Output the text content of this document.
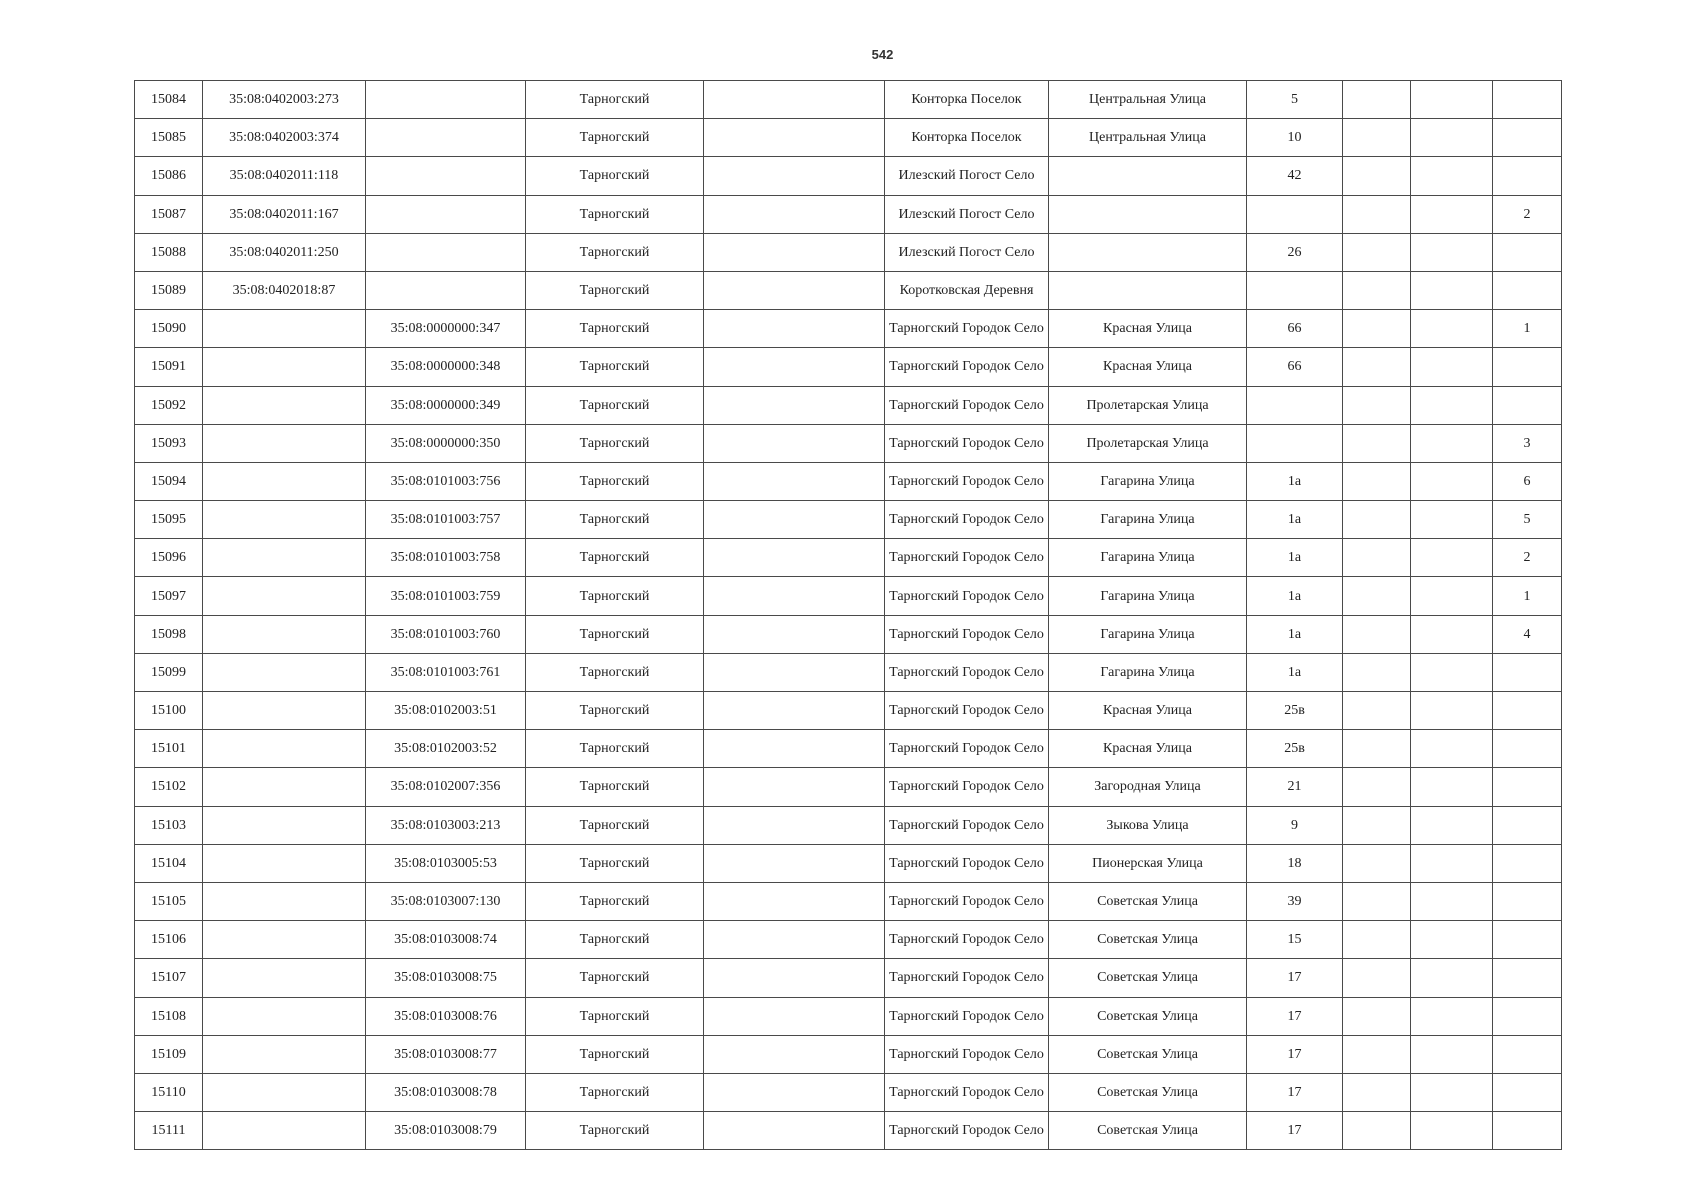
542
15084	35:08:0402003:273		Тарногский		Конторка Поселок	Центральная Улица	5			
15085	35:08:0402003:374		Тарногский		Конторка Поселок	Центральная Улица	10			
15086	35:08:0402011:118		Тарногский		Илезский Погост Село		42			
15087	35:08:0402011:167		Тарногский		Илезский Погост Село					2
15088	35:08:0402011:250		Тарногский		Илезский Погост Село		26			
15089	35:08:0402018:87		Тарногский		Коротковская Деревня					
15090		35:08:0000000:347	Тарногский		Тарногский Городок Село	Красная Улица	66			1
15091		35:08:0000000:348	Тарногский		Тарногский Городок Село	Красная Улица	66			
15092		35:08:0000000:349	Тарногский		Тарногский Городок Село	Пролетарская Улица				
15093		35:08:0000000:350	Тарногский		Тарногский Городок Село	Пролетарская Улица				3
15094		35:08:0101003:756	Тарногский		Тарногский Городок Село	Гагарина Улица	1а			6
15095		35:08:0101003:757	Тарногский		Тарногский Городок Село	Гагарина Улица	1а			5
15096		35:08:0101003:758	Тарногский		Тарногский Городок Село	Гагарина Улица	1а			2
15097		35:08:0101003:759	Тарногский		Тарногский Городок Село	Гагарина Улица	1а			1
15098		35:08:0101003:760	Тарногский		Тарногский Городок Село	Гагарина Улица	1а			4
15099		35:08:0101003:761	Тарногский		Тарногский Городок Село	Гагарина Улица	1а			
15100		35:08:0102003:51	Тарногский		Тарногский Городок Село	Красная Улица	25в			
15101		35:08:0102003:52	Тарногский		Тарногский Городок Село	Красная Улица	25в			
15102		35:08:0102007:356	Тарногский		Тарногский Городок Село	Загородная Улица	21			
15103		35:08:0103003:213	Тарногский		Тарногский Городок Село	Зыкова Улица	9			
15104		35:08:0103005:53	Тарногский		Тарногский Городок Село	Пионерская Улица	18			
15105		35:08:0103007:130	Тарногский		Тарногский Городок Село	Советская Улица	39			
15106		35:08:0103008:74	Тарногский		Тарногский Городок Село	Советская Улица	15			
15107		35:08:0103008:75	Тарногский		Тарногский Городок Село	Советская Улица	17			
15108		35:08:0103008:76	Тарногский		Тарногский Городок Село	Советская Улица	17			
15109		35:08:0103008:77	Тарногский		Тарногский Городок Село	Советская Улица	17			
15110		35:08:0103008:78	Тарногский		Тарногский Городок Село	Советская Улица	17			
15111		35:08:0103008:79	Тарногский		Тарногский Городок Село	Советская Улица	17			
